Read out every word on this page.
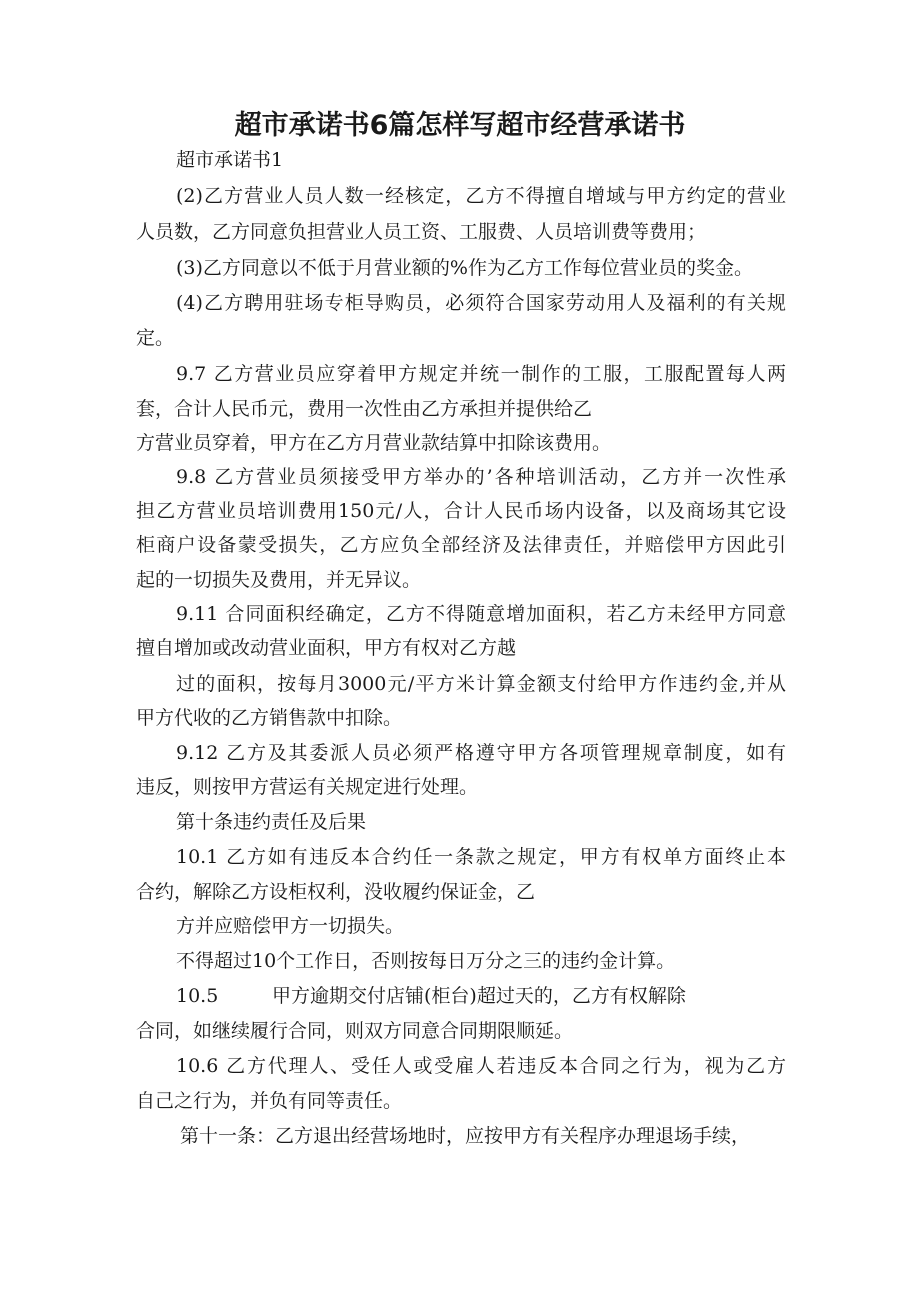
超市承诺书6篇怎样写超市经营承诺书

超市承诺书1

(2)乙方营业人员人数一经核定，乙方不得擅自增域与甲方约定的营业

人员数，乙方同意负担营业人员工资、工服费、人员培训费等费用；

(3)乙方同意以不低于月营业额的%作为乙方工作每位营业员的奖金。

(4)乙方聘用驻场专柜导购员，必须符合国家劳动用人及福利的有关规

定。

9.7 乙方营业员应穿着甲方规定并统一制作的工服，工服配置每人两

套，合计人民币元，费用一次性由乙方承担并提供给乙

方营业员穿着，甲方在乙方月营业款结算中扣除该费用。

9.8 乙方营业员须接受甲方举办的’各种培训活动，乙方并一次性承

担乙方营业员培训费用150元/人，合计人民币场内设备，以及商场其它设

柜商户设备蒙受损失，乙方应负全部经济及法律责任，并赔偿甲方因此引

起的一切损失及费用，并无异议。

9.11 合同面积经确定，乙方不得随意增加面积，若乙方未经甲方同意

擅自增加或改动营业面积，甲方有权对乙方越

过的面积，按每月3000元/平方米计算金额支付给甲方作违约金,并从

甲方代收的乙方销售款中扣除。

9.12 乙方及其委派人员必须严格遵守甲方各项管理规章制度，如有

违反，则按甲方营运有关规定进行处理。

第十条违约责任及后果

10.1 乙方如有违反本合约任一条款之规定，甲方有权单方面终止本

合约，解除乙方设柜权利，没收履约保证金，乙

方并应赔偿甲方一切损失。

不得超过10个工作日，否则按每日万分之三的违约金计算。

10.5	甲方逾期交付店铺(柜台)超过天的，乙方有权解除

合同，如继续履行合同，则双方同意合同期限顺延。

10.6 乙方代理人、受任人或受雇人若违反本合同之行为，视为乙方

自己之行为，并负有同等责任。

第十一条：乙方退出经营场地时，应按甲方有关程序办理退场手续，
